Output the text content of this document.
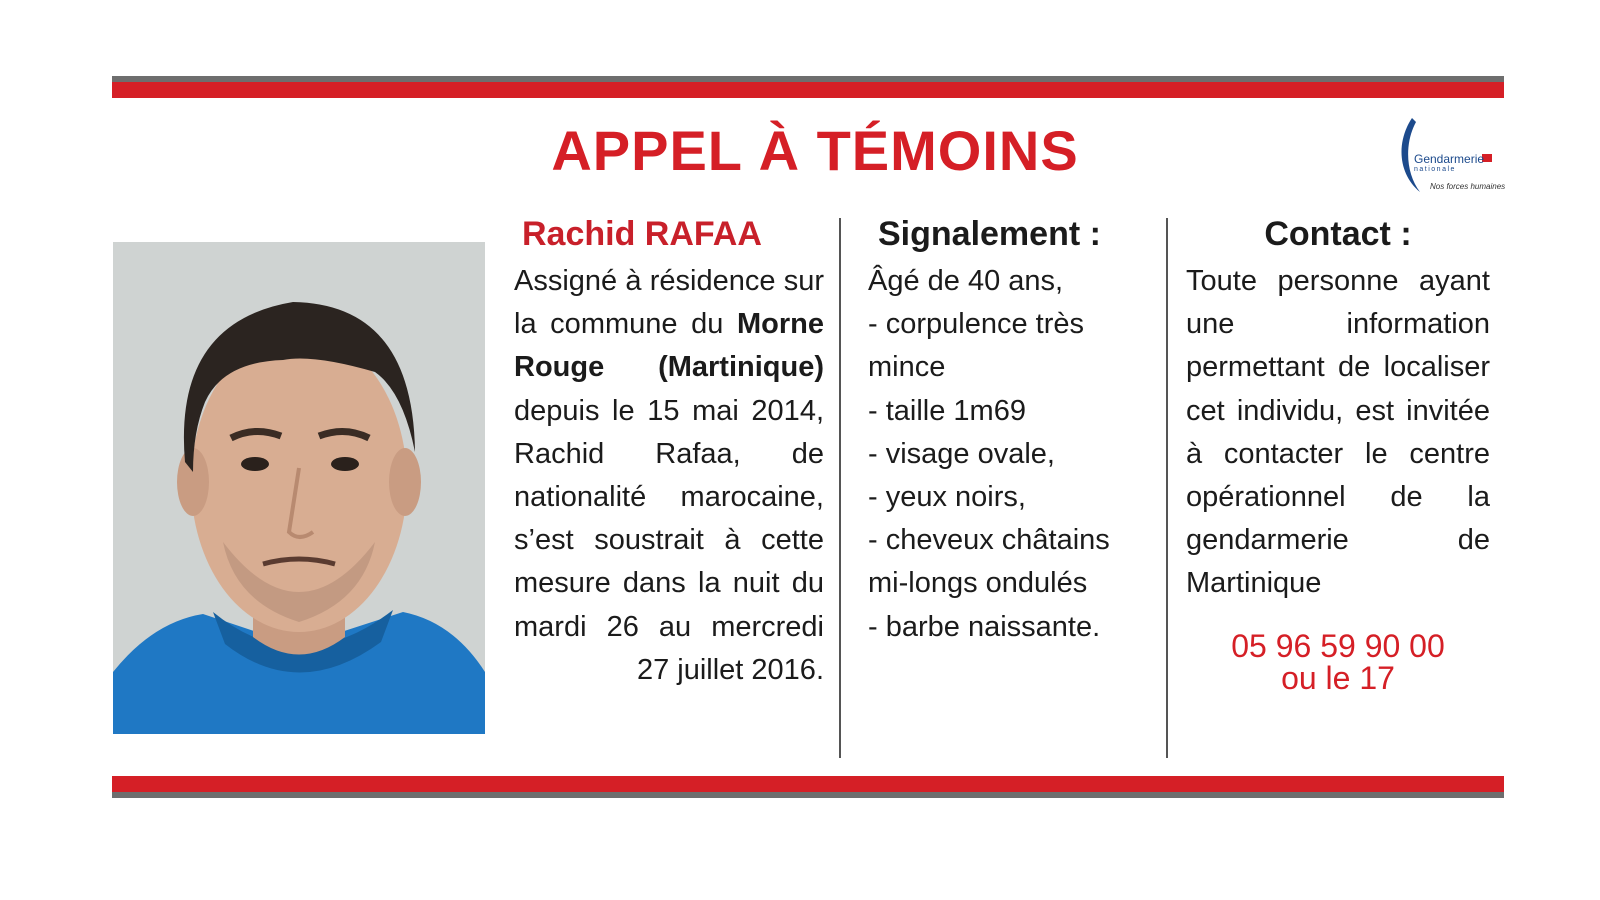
APPEL À TÉMOINS	Gendarmerie
nationale
Nos forces humaines
Rachid RAFAA

Assigné à résidence sur la commune du Morne Rouge (Martinique) depuis le 15 mai 2014, Rachid Rafaa, de nationalité marocaine, s’est soustrait à cette mesure dans la nuit du mardi 26 au mercredi 27 juillet 2016.

Signalement :
Âgé de 40 ans,
- corpulence très
mince
- taille 1m69
- visage ovale,
- yeux noirs,
- cheveux châtains
mi-longs ondulés
- barbe naissante.
Contact :

Toute personne ayant une information permettant de localiser cet individu, est invitée à contacter le centre opérationnel de la gendarmerie de Martinique

05 96 59 90 00
ou le 17
